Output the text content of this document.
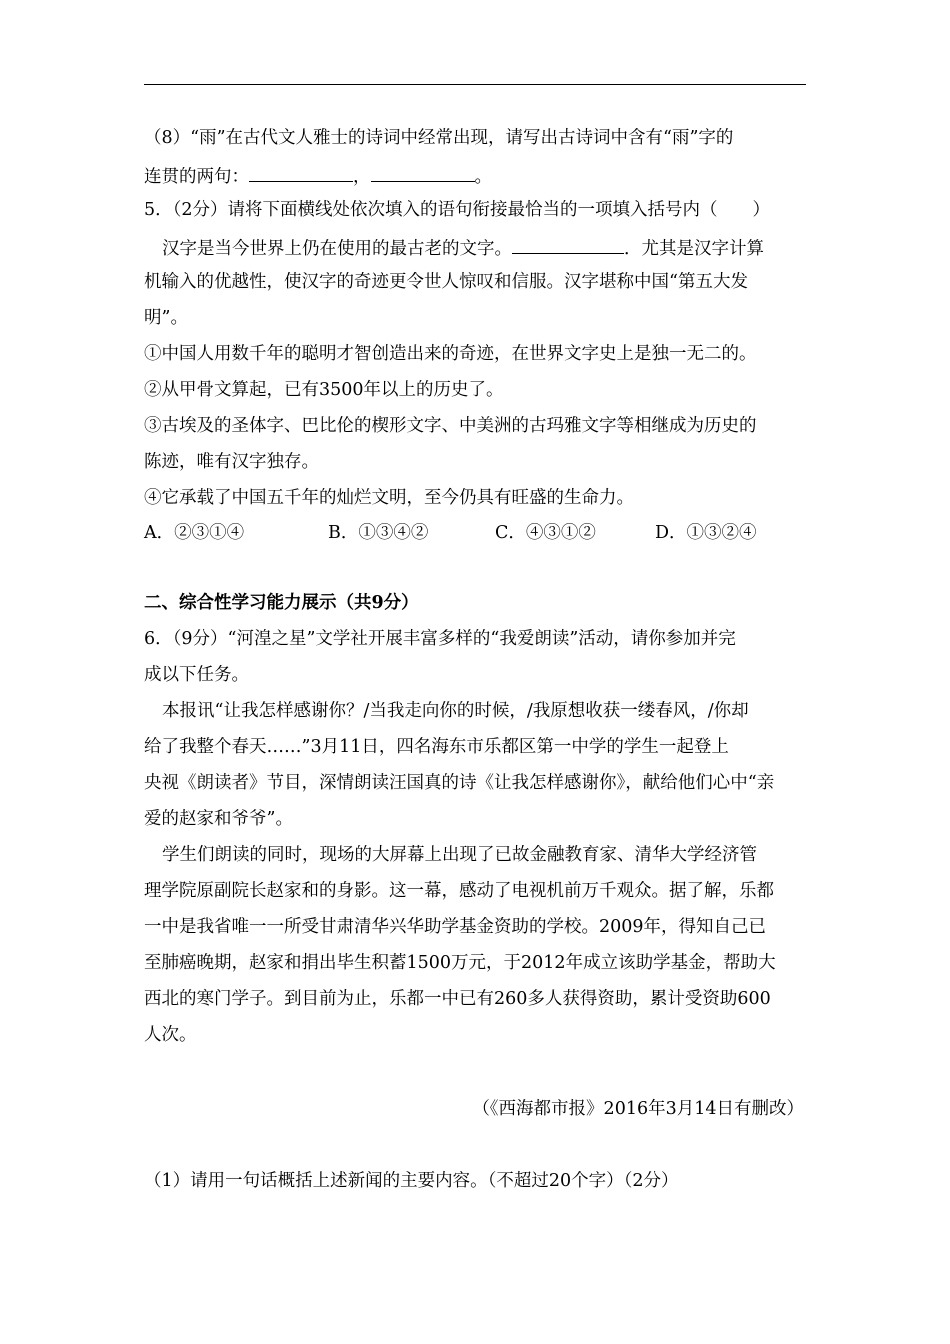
（8）“雨”在古代文人雅士的诗词中经常出现，请写出古诗词中含有“雨”字的
连贯的两句：	，	。
5．（2分）请将下面横线处依次填入的语句衔接最恰当的一项填入括号内（　　）
汉字是当今世界上仍在使用的最古老的文字。	．尤其是汉字计算
机输入的优越性，使汉字的奇迹更令世人惊叹和信服。汉字堪称中国“第五大发
明”。
①中国人用数千年的聪明才智创造出来的奇迹，在世界文字史上是独一无二的。
②从甲骨文算起，已有3500年以上的历史了。
③古埃及的圣体字、巴比伦的楔形文字、中美洲的古玛雅文字等相继成为历史的
陈迹，唯有汉字独存。
④它承载了中国五千年的灿烂文明，至今仍具有旺盛的生命力。
A．②③①④	B．①③④②	C．④③①②	D．①③②④
二、综合性学习能力展示（共9分）
6．（9分）“河湟之星”文学社开展丰富多样的“我爱朗读”活动，请你参加并完
成以下任务。
本报讯“让我怎样感谢你？/当我走向你的时候，/我原想收获一缕春风，/你却
给了我整个春天……”3月11日，四名海东市乐都区第一中学的学生一起登上
央视《朗读者》节目，深情朗读汪国真的诗《让我怎样感谢你》，献给他们心中“亲
爱的赵家和爷爷”。
学生们朗读的同时，现场的大屏幕上出现了已故金融教育家、清华大学经济管
理学院原副院长赵家和的身影。这一幕，感动了电视机前万千观众。据了解，乐都
一中是我省唯一一所受甘肃清华兴华助学基金资助的学校。2009年，得知自己已
至肺癌晚期，赵家和捐出毕生积蓄1500万元，于2012年成立该助学基金，帮助大
西北的寒门学子。到目前为止，乐都一中已有260多人获得资助，累计受资助600
人次。
（《西海都市报》2016年3月14日有删改）
（1）请用一句话概括上述新闻的主要内容。（不超过20个字）（2分）
